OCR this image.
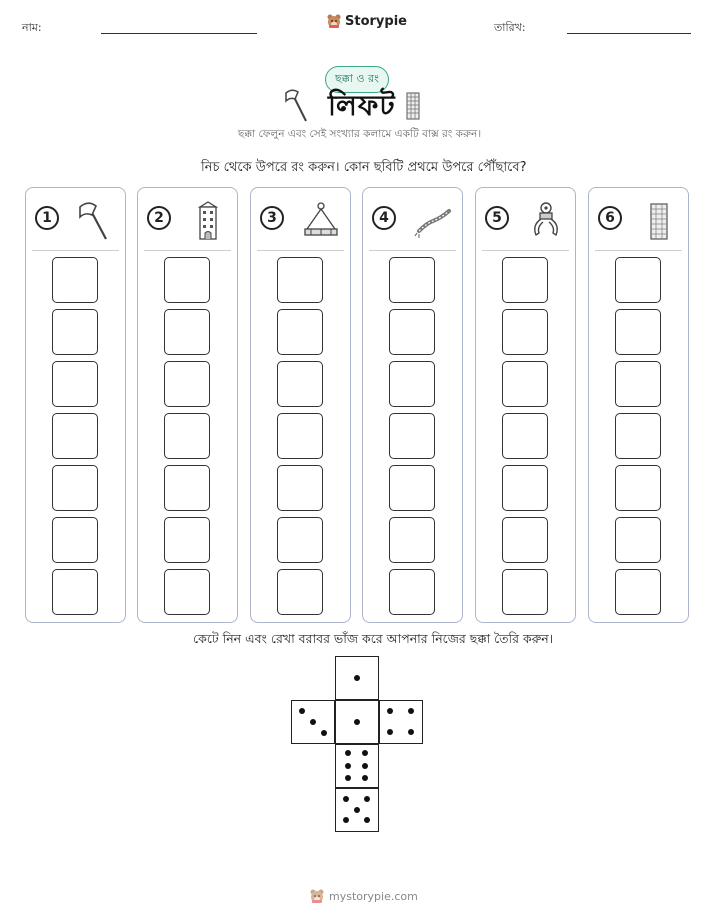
নাম:	Storypie	তারিখ:
ছক্কা ও রং
লিফট
ছক্কা ফেলুন এবং সেই সংখ্যার কলামে একটি বাক্স রং করুন।
নিচ থেকে উপরে রং করুন। কোন ছবিটি প্রথমে উপরে পৌঁছাবে?
1	2	3	4	5	6
কেটে নিন এবং রেখা বরাবর ভাঁজ করে আপনার নিজের ছক্কা তৈরি করুন।
mystorypie.com
